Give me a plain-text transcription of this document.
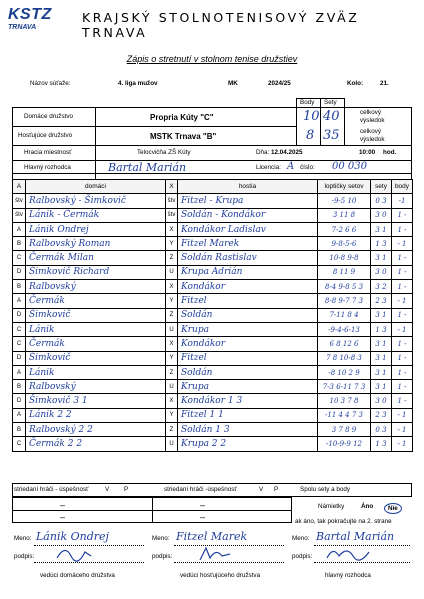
KSTZ
TRNAVA
KRAJSKÝ STOLNOTENISOVÝ ZVÄZ TRNAVA
Zápis o stretnutí v stolnom tenise družstiev
Názov súťaže:	4. liga mužov	MK	2024/25	Kolo:	21.
Body Sety
Domáce družstvo	Propria Kúty "C"	10 40	celkový
výsledok
Hosťujúce družstvo	MSTK Trnava "B"	8 35	celkový
výsledok
Hracia miestnosť	Telocvičňa ZŠ Kúty	Dňa: 12.04.2025	10:00 hod.
Hlavný rozhodca	Bartal Marián	Licencia: A číslo: 00 030
A	domáci	X	hostia	loptičky setov	sety	body
štv	Ralbovský - Šimkovič	štv	Fitzel - Krupa	-9-5 10	0 3	-1
štv	Lánik - Čermák	štv	Soldán - Kondákor	3 11 8	3 0	1 -
A	Lánik Ondrej	X	Kondákor Ladislav	7-2 6 6	3 1	1 -
B	Ralbovský Roman	Y	Fitzel Marek	9-8-5-6	1 3	- 1
C	Čermák Milan	Z	Soldán Rastislav	10-8 9-8	3 1	1 -
D	Šimkovič Richard	U	Krupa Adrián	8 11 9	3 0	1 -
B	Ralbovský	X	Kondákor	8-4 9-8 5 3	3 2	1 -
A	Čermák	Y	Fitzel	8-8 9-7 7 3	2 3	- 1
D	Šimkovič	Z	Soldán	7-11 8 4	3 1	1 -
C	Lánik	U	Krupa	-9-4-6-13	1 3	- 1
C	Čermák	X	Kondákor	6 8 12 6	3 1	1 -
D	Šimkovič	Y	Fitzel	7 8 10-8 3	3 1	1 -
A	Lánik	Z	Soldán	-8 10 2 9	3 1	1 -
B	Ralbovský	U	Krupa	7-3 6-11 7 3	3 1	1 -
D	Šimkovič 3 1	X	Kondákor 1 3	10 3 7 8	3 0	1 -
A	Lánik 2 2	Y	Fitzel 1 1	-11 4 4 7 3	2 3	- 1
B	Ralbovský 2 2	Z	Soldán 1 3	3 7 8 9	0 3	- 1
C	Čermák 2 2	U	Krupa 2 2	-10-9-9 12	1 3	- 1
striedaní hráči - úspešnosť	V P	striedaní hráči -úspešnosť	V P	Spolu sety a body
–	–
–	–
Námietky	Áno	Nie
ak áno, tak pokračujte na 2. strane
Meno: Lánik Ondrej	Meno: Fitzel Marek	Meno: Bartal Marián
podpis:	podpis:	podpis:
vedúci domáceho družstva	vedúci hosťujúceho družstva	hlavný rozhodca
